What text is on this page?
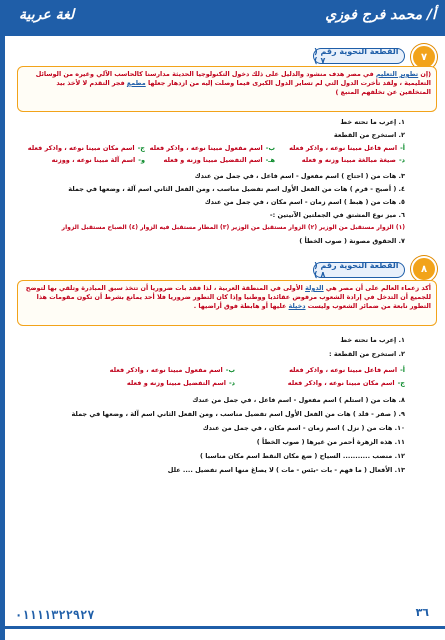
لغة عربية	أ/ محمد فرج فوزي
٧
القطعة النحوية رقم ( ٧ )
(إن تطوير التعليم في مصر هدف منشود والدليل على ذلك دخول التكنولوجيا الحديثة مدارسنا كالحاسب الآلي وغيره من الوسائل التعليمية ، ولقد تأخرت الدول التي لم تساير الدول الكبرى فيما وصلت إليه من ازدهار جعلها مطمع فجر التقدم لا لأخذ بيد المتخلفين عن تخلفهم المنبع )
١. إعرب ما تحته خط
٢. استخرج من القطعة
أ-اسم فاعل مبينا نوعه ، واذكر فعله
ب-اسم مفعول مبينا نوعه ، واذكر فعله
ج-اسم مكان مبينا نوعه ، واذكر فعله
د-صيغة مبالغة مبينا وزنه و فعله
هـ-اسم التفضيل مبينا وزنه و فعله
و-اسم آلة مبينا نوعه ، ووزنه
٣. هات من ( احتاج ) اسم مفعول - اسم فاعل ، في جمل من عندك
٤. ( أصبح - قرم ) هات من الفعل الأول اسم تفضيل مناسب ، ومن الفعل الثاني اسم آلة ، وضعها في جملة
٥. هات من ( هبط ) اسم زمان - اسم مكان ، في جمل من عندك
٦. ميز نوع المشتق في الجملتين الآتيتين :-
(١) الزوار مستقبل من الوزير (٢) الزوار مستقبل من الوزير (٣) المطار مستقبل فيه الزوار (٤) الصباح مستقبل الزوار
٧. الحقوق مصونة ( صوب الخطأ )
٨
القطعة النحوية رقم ( ٨ )
أكد زعماء العالم على أن مصر هي الدولة الأولى في المنطقة العربية ، لذا فقد بات ضروريا أن تتخذ سبق المبادرة وتلقي بها لتوضح للجميع أن التدخل في إرادة الشعوب مرفوض عقائديا ووطنيا وإذا كان التطور ضروريا فلا أحد يمانع بشرط أن تكون مقومات هذا التطور نابعة من ضمائر الشعوب وليست دخيلة عليها أو هابطة فوق أراضيها .
١. إعرب ما تحته خط
٢. استخرج من القطعة :
أ-اسم فاعل مبينا نوعه ، واذكر فعله
ب-اسم مفعول مبينا نوعه ، واذكر فعله
ج-اسم مكان مبينا نوعه ، واذكر فعله
د-اسم التفضيل مبينا وزنه و فعله
٨. هات من ( استلم ) اسم مفعول - اسم فاعل ، في جمل من عندك
٩. ( صفر - قلد ) هات من الفعل الأول اسم تفضيل مناسب ، ومن الفعل الثاني اسم آلة ، وضعها في جملة
١٠. هات من ( نزل ) اسم زمان - اسم مكان ، في جمل من عندك
١١. هذه الزهرة أحمر من غيرها ( صوب الخطأ )
١٢. منصب ........... السياح ( ضع مكان النقط اسم مكان مناسبا )
١٣. الأفعال ( ما فهم - بات -بئس - مات ) لا يصاغ منها اسم تفضيل .... علل
٠١١١١٣٢٢٩٢٧	٣٦
